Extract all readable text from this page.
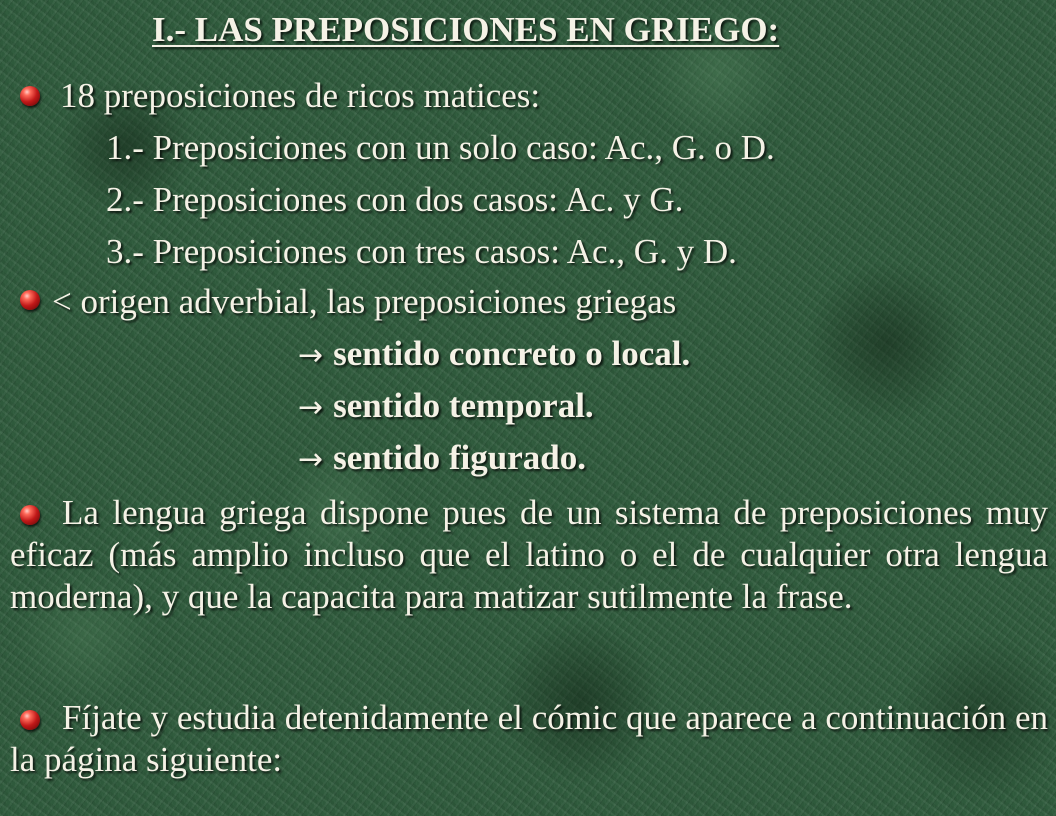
I.- LAS PREPOSICIONES EN GRIEGO:
18 preposiciones de ricos matices:
1.- Preposiciones con un solo caso: Ac., G. o D.
2.- Preposiciones con dos casos: Ac. y G.
3.- Preposiciones con tres casos: Ac., G. y D.
< origen adverbial, las preposiciones griegas
→ sentido concreto o local.
→ sentido temporal.
→ sentido figurado.
La lengua griega dispone pues de un sistema de preposiciones muy eficaz (más amplio incluso que el latino o el de cualquier otra lengua moderna), y que la capacita para matizar sutilmente la frase.
Fíjate y estudia detenidamente el cómic que aparece a continuación en la página siguiente:
